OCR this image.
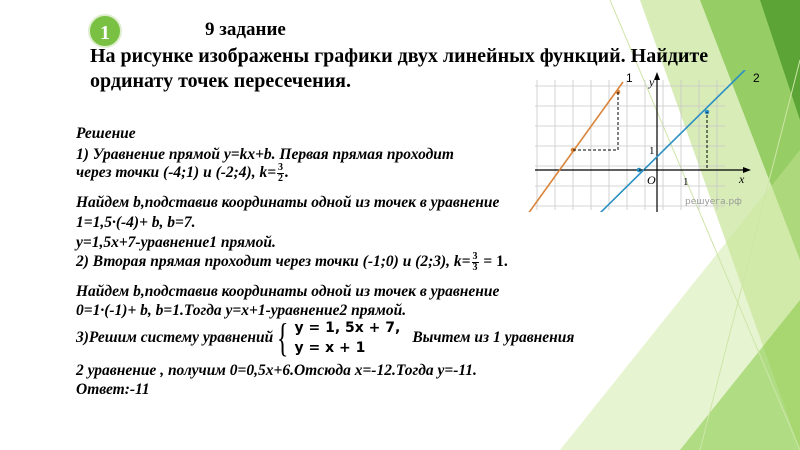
1	9 задание
На рисунке изображены графики двух линейных функций. Найдите ординату точек пересечения.	1	2
y
x
O
1
1
решуега.рф
Решение
1) Уравнение прямой y=kx+b. Первая прямая проходит
через точки (-4;1) и (-2;4), $k= \frac{3}{2}$ .
Найдем b,подставив координаты одной из точек в уравнение
1=1,5·(-4)+ b, b=7.
y=1,5x+7-уравнение1 прямой.
2) Вторая прямая проходит через точки (-1;0) и (2;3), $k= \frac{3}{3} = 1$.
Найдем b,подставив координаты одной из точек в уравнение
0=1·(-1)+ b, b=1.Тогда y=x+1-уравнение2 прямой.
3)Решим систему уравнений{ y = 1, 5x + 7,
y = x + 1
Вычтем из 1 уравнения
2 уравнение , получим 0=0,5x+6.Отсюда x=-12.Тогда y=-11.
Ответ:-11
